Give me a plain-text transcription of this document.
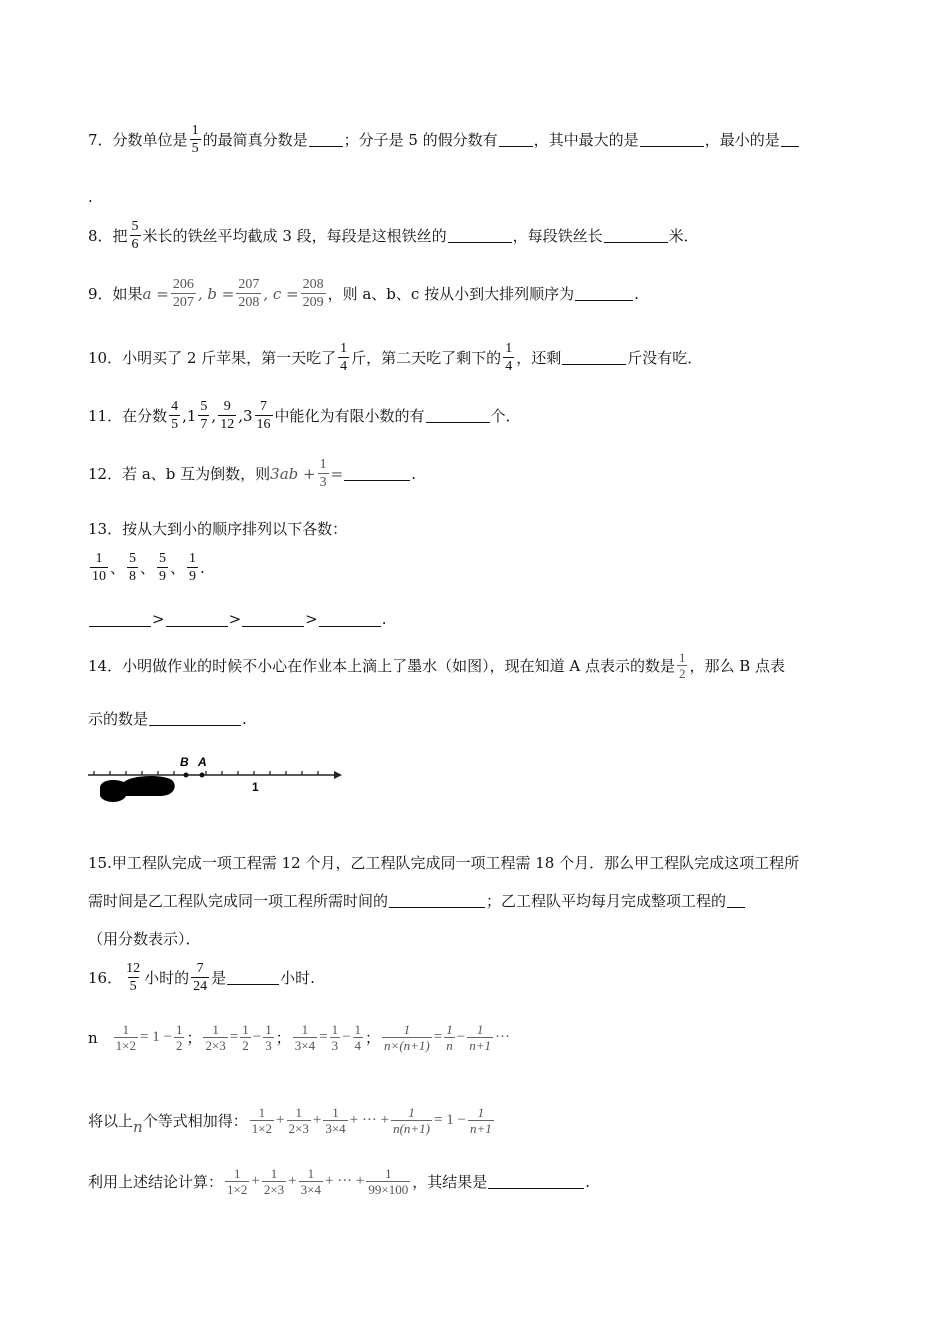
7． 分数单位是 $\frac{1}{5}$ 的最简真分数是 ；分子是 5 的假分数有 ，其中最大的是	，最小的是
.
8．把 $\frac{5}{6}$ 米长的铁丝平均截成 3 段，每段是这根铁丝的	，每段铁丝长	米．
9．如果 $a = \frac{206}{207}$ , $b = \frac{207}{208}$ , $c = \frac{208}{209}$ ，则 a、b、c 按从小到大排列顺序为	.
10．小明买了 2 斤苹果，第一天吃了 $\frac{1}{4}$ 斤，第二天吃了剩下的 $\frac{1}{4}$ ，还剩	斤没有吃．
11．在分数 $\frac{4}{5}$ , $1 \frac{5}{7}$ , $\frac{9}{12}$ , $3 \frac{7}{16}$ 中能化为有限小数的有	个．
12．若 a、b 互为倒数，则 $3ab + \frac{1}{3}$ =	.
13．按从大到小的顺序排列以下各数：
$\frac{1}{10}$ 、 $\frac{5}{8}$ 、 $\frac{5}{9}$ 、 $\frac{1}{9}$ .
>	>	>	.
14．小明做作业的时候不小心在作业本上滴上了墨水（如图），现在知道 A 点表示的数是 $\frac{1}{2}$ ，那么 B 点表
示的数是	.
B A
1
15.甲工程队完成一项工程需 12 个月，乙工程队完成同一项工程需 18 个月．那么甲工程队完成这项工程所
需时间是乙工程队完成同一项工程所需时间的	；乙工程队平均每月完成整项工程的
（用分数表示）．
16． $\frac{12}{5}$ 小时的 $\frac{7}{24}$ 是	小时.
n $\frac{1}{1\times 2} = 1 - \frac{1}{2}$ ； $\frac{1}{2\times 3} = \frac{1}{2} - \frac{1}{3}$ ； $\frac{1}{3\times 4} = \frac{1}{3} - \frac{1}{4}$ ； $\frac{1}{n\times(n+1)} = \frac{1}{n} - \frac{1}{n+1}$ ···
将以上 n 个等式相加得： $\frac{1}{1\times 2} + \frac{1}{2\times 3} + \frac{1}{3\times 4}$ + ··· + $\frac{1}{n(n+1)} = 1 - \frac{1}{n+1}$
利用上述结论计算： $\frac{1}{1\times 2} + \frac{1}{2\times 3} + \frac{1}{3\times 4}$ + ··· + $\frac{1}{99\times 100}$ ，其结果是	.
